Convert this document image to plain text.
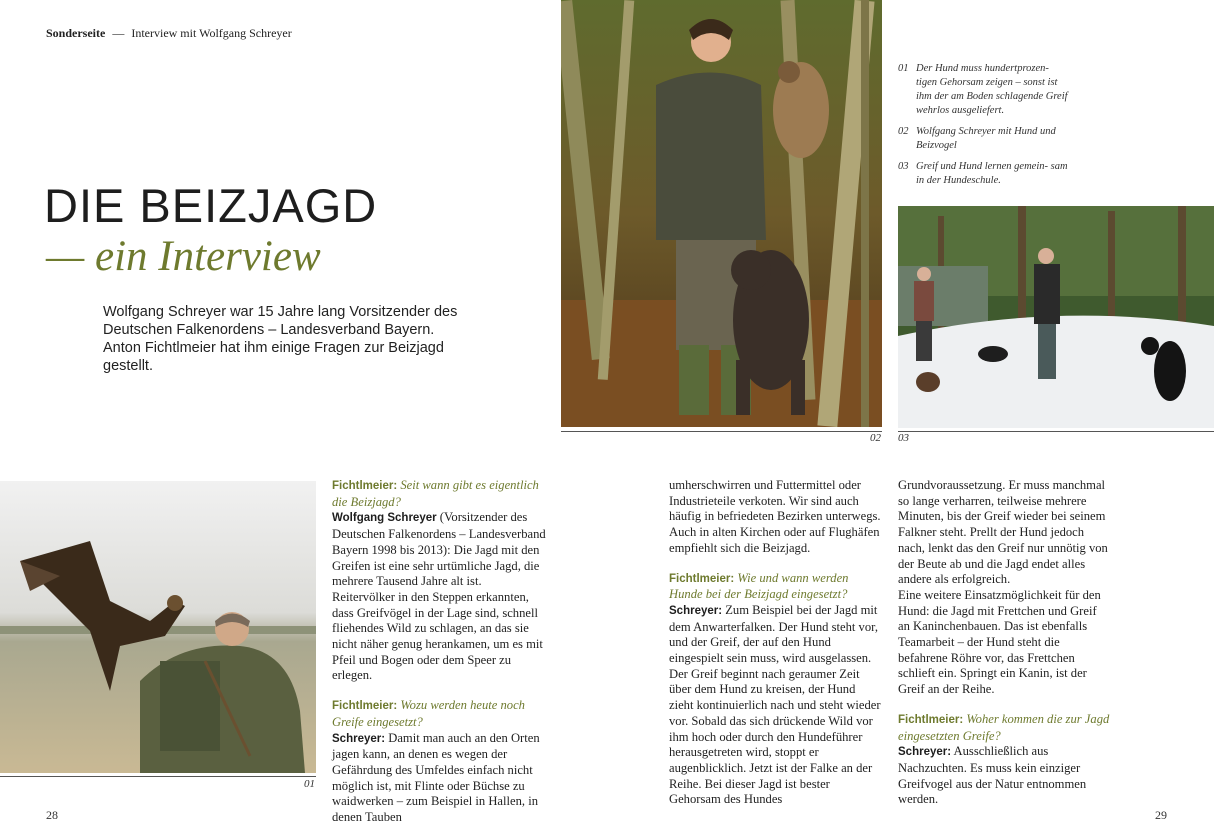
Sonderseite — Interview mit Wolfgang Schreyer
DIE BEIZJAGD
— ein Interview
Wolfgang Schreyer war 15 Jahre lang Vorsitzender des Deutschen Falkenordens – Landesverband Bayern. Anton Fichtlmeier hat ihm einige Fragen zur Beizjagd gestellt.
02
01 Der Hund muss hundertprozen- tigen Gehorsam zeigen – sonst ist ihm der am Boden schlagende Greif wehrlos ausgeliefert.
02 Wolfgang Schreyer mit Hund und Beizvogel
03 Greif und Hund lernen gemein- sam in der Hundeschule.
03
01
Fichtlmeier: Seit wann gibt es eigentlich die Beizjagd?
Wolfgang Schreyer (Vorsitzender des Deutschen Falkenordens – Landesverband Bayern 1998 bis 2013): Die Jagd mit den Greifen ist eine sehr urtümliche Jagd, die mehrere Tausend Jahre alt ist. Reitervölker in den Steppen erkannten, dass Greifvögel in der Lage sind, schnell fliehendes Wild zu schlagen, an das sie nicht näher genug herankamen, um es mit Pfeil und Bogen oder dem Speer zu erlegen.
Fichtlmeier: Wozu werden heute noch Greife eingesetzt?
Schreyer: Damit man auch an den Orten jagen kann, an denen es wegen der Gefährdung des Umfeldes einfach nicht möglich ist, mit Flinte oder Büchse zu waidwerken – zum Beispiel in Hallen, in denen Tauben
umherschwirren und Futtermittel oder Industrieteile verkoten. Wir sind auch häufig in befriedeten Bezirken unterwegs. Auch in alten Kirchen oder auf Flughäfen empfiehlt sich die Beizjagd.
Fichtlmeier: Wie und wann werden Hunde bei der Beizjagd eingesetzt?
Schreyer: Zum Beispiel bei der Jagd mit dem Anwarterfalken. Der Hund steht vor, und der Greif, der auf den Hund eingespielt sein muss, wird ausgelassen. Der Greif beginnt nach geraumer Zeit über dem Hund zu kreisen, der Hund zieht kontinuierlich nach und steht wieder vor. Sobald das sich drückende Wild vor ihm hoch oder durch den Hundeführer herausgetreten wird, stoppt er augenblicklich. Jetzt ist der Falke an der Reihe. Bei dieser Jagd ist bester Gehorsam des Hundes
Grundvoraussetzung. Er muss manchmal so lange verharren, teilweise mehrere Minuten, bis der Greif wieder bei seinem Falkner steht. Prellt der Hund jedoch nach, lenkt das den Greif nur unnötig von der Beute ab und die Jagd endet alles andere als erfolgreich.
Eine weitere Einsatzmöglichkeit für den Hund: die Jagd mit Frettchen und Greif an Kaninchenbauen. Das ist ebenfalls Teamarbeit – der Hund steht die befahrene Röhre vor, das Frettchen schlieft ein. Springt ein Kanin, ist der Greif an der Reihe.
Fichtlmeier: Woher kommen die zur Jagd eingesetzten Greife?
Schreyer: Ausschließlich aus Nachzuchten. Es muss kein einziger Greifvogel aus der Natur entnommen werden.
28	29
